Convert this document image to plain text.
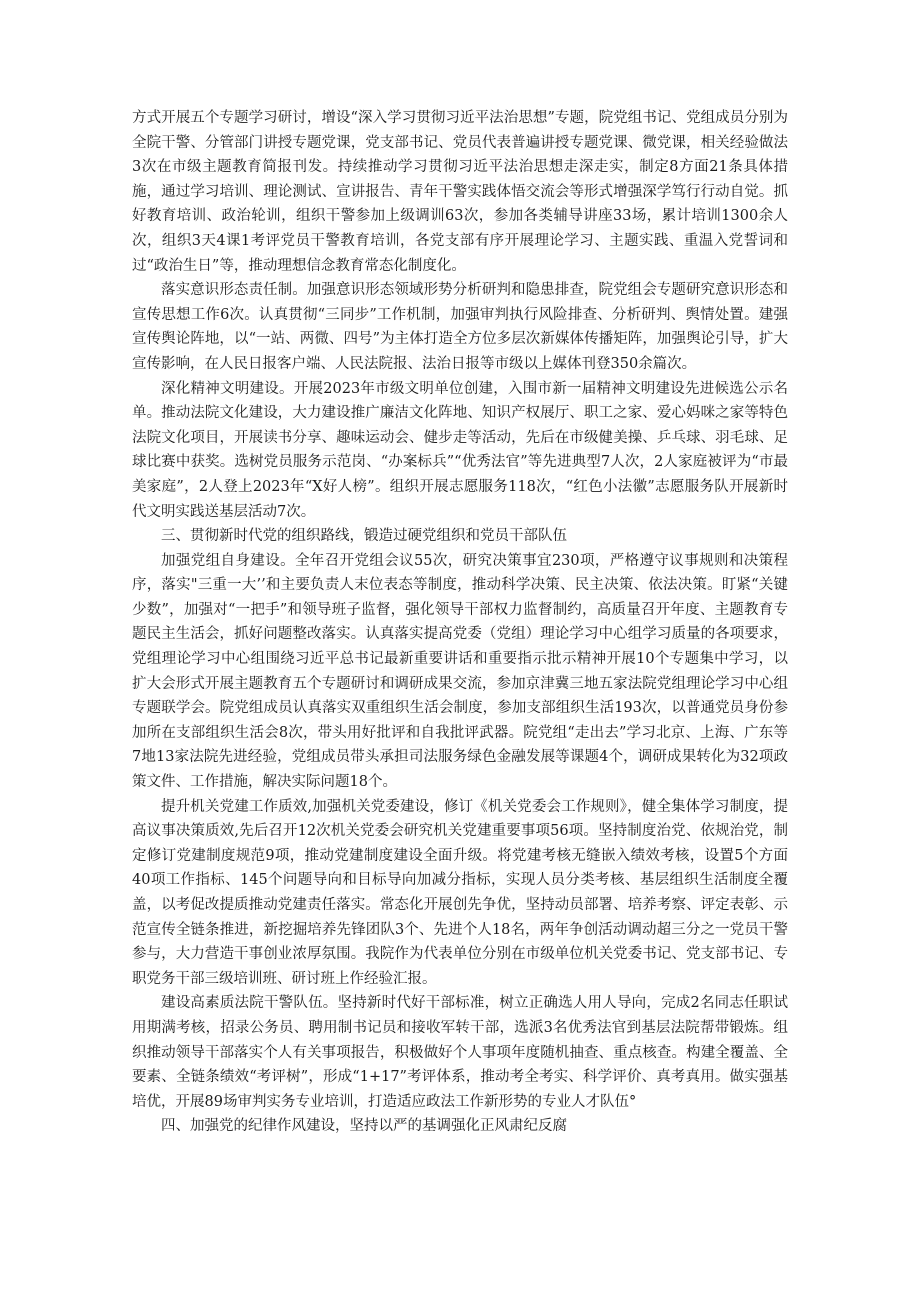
方式开展五个专题学习研讨，增设“深入学习贯彻习近平法治思想”专题，院党组书记、党组成员分别为全院干警、分管部门讲授专题党课，党支部书记、党员代表普遍讲授专题党课、微党课，相关经验做法3次在市级主题教育简报刊发。持续推动学习贯彻习近平法治思想走深走实，制定8方面21条具体措施，通过学习培训、理论测试、宣讲报告、青年干警实践体悟交流会等形式增强深学笃行行动自觉。抓好教育培训、政治轮训，组织干警参加上级调训63次，参加各类辅导讲座33场，累计培训1300余人次，组织3天4课1考评党员干警教育培训，各党支部有序开展理论学习、主题实践、重温入党誓词和过“政治生日”等，推动理想信念教育常态化制度化。

落实意识形态责任制。加强意识形态领域形势分析研判和隐患排查，院党组会专题研究意识形态和宣传思想工作6次。认真贯彻“三同步”工作机制，加强审判执行风险排查、分析研判、舆情处置。建强宣传舆论阵地，以“一站、两微、四号”为主体打造全方位多层次新媒体传播矩阵，加强舆论引导，扩大宣传影响，在人民日报客户端、人民法院报、法治日报等市级以上媒体刊登350余篇次。

深化精神文明建设。开展2023年市级文明单位创建，入围市新一届精神文明建设先进候选公示名单。推动法院文化建设，大力建设推广廉洁文化阵地、知识产权展厅、职工之家、爱心妈咪之家等特色法院文化项目，开展读书分享、趣味运动会、健步走等活动，先后在市级健美操、乒乓球、羽毛球、足球比赛中获奖。选树党员服务示范岗、“办案标兵”“优秀法官”等先进典型7人次，2人家庭被评为“市最美家庭”，2人登上2023年“X好人榜”。组织开展志愿服务118次，“红色小法徽”志愿服务队开展新时代文明实践送基层活动7次。

三、贯彻新时代党的组织路线，锻造过硬党组织和党员干部队伍

加强党组自身建设。全年召开党组会议55次，研究决策事宜230项，严格遵守议事规则和决策程序，落实"三重一大’’和主要负责人末位表态等制度，推动科学决策、民主决策、依法决策。盯紧“关键少数”，加强对“一把手”和领导班子监督，强化领导干部权力监督制约，高质量召开年度、主题教育专题民主生活会，抓好问题整改落实。认真落实提高党委（党组）理论学习中心组学习质量的各项要求，党组理论学习中心组围绕习近平总书记最新重要讲话和重要指示批示精神开展10个专题集中学习，以扩大会形式开展主题教育五个专题研讨和调研成果交流，参加京津冀三地五家法院党组理论学习中心组专题联学会。院党组成员认真落实双重组织生活会制度，参加支部组织生活193次，以普通党员身份参加所在支部组织生活会8次，带头用好批评和自我批评武器。院党组“走出去”学习北京、上海、广东等7地13家法院先进经验，党组成员带头承担司法服务绿色金融发展等课题4个，调研成果转化为32项政策文件、工作措施，解决实际问题18个。

提升机关党建工作质效,加强机关党委建设，修订《机关党委会工作规则》，健全集体学习制度，提高议事决策质效,先后召开12次机关党委会研究机关党建重要事项56项。坚持制度治党、依规治党，制定修订党建制度规范9项，推动党建制度建设全面升级。将党建考核无缝嵌入绩效考核，设置5个方面40项工作指标、145个问题导向和目标导向加减分指标，实现人员分类考核、基层组织生活制度全覆盖，以考促改提质推动党建责任落实。常态化开展创先争优，坚持动员部署、培养考察、评定表彰、示范宣传全链条推进，新挖掘培养先锋团队3个、先进个人18名，两年争创活动调动超三分之一党员干警参与，大力营造干事创业浓厚氛围。我院作为代表单位分别在市级单位机关党委书记、党支部书记、专职党务干部三级培训班、研讨班上作经验汇报。

建设高素质法院干警队伍。坚持新时代好干部标准，树立正确选人用人导向，完成2名同志任职试用期满考核，招录公务员、聘用制书记员和接收军转干部，选派3名优秀法官到基层法院帮带锻炼。组织推动领导干部落实个人有关事项报告，积极做好个人事项年度随机抽查、重点核查。构建全覆盖、全要素、全链条绩效“考评树”，形成“1+17”考评体系，推动考全考实、科学评价、真考真用。做实强基培优，开展89场审判实务专业培训，打造适应政法工作新形势的专业人才队伍°

四、加强党的纪律作风建设，坚持以严的基调强化正风肃纪反腐
